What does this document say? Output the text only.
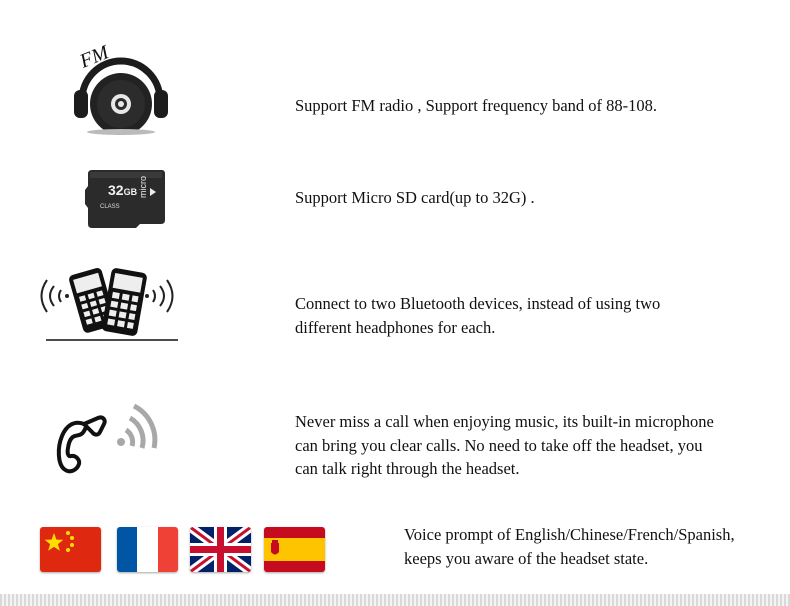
FM
Support FM radio , Support frequency band of 88-108.
32GB
CLASS
micro	Support Micro SD card(up to 32G) .
Connect to two Bluetooth devices, instead of using two
different headphones for each.
Never miss a call when enjoying music, its built-in microphone
can bring you clear calls. No need to take off the headset, you
can talk right through the headset.
Voice prompt of English/Chinese/French/Spanish,
keeps you aware of the headset state.
